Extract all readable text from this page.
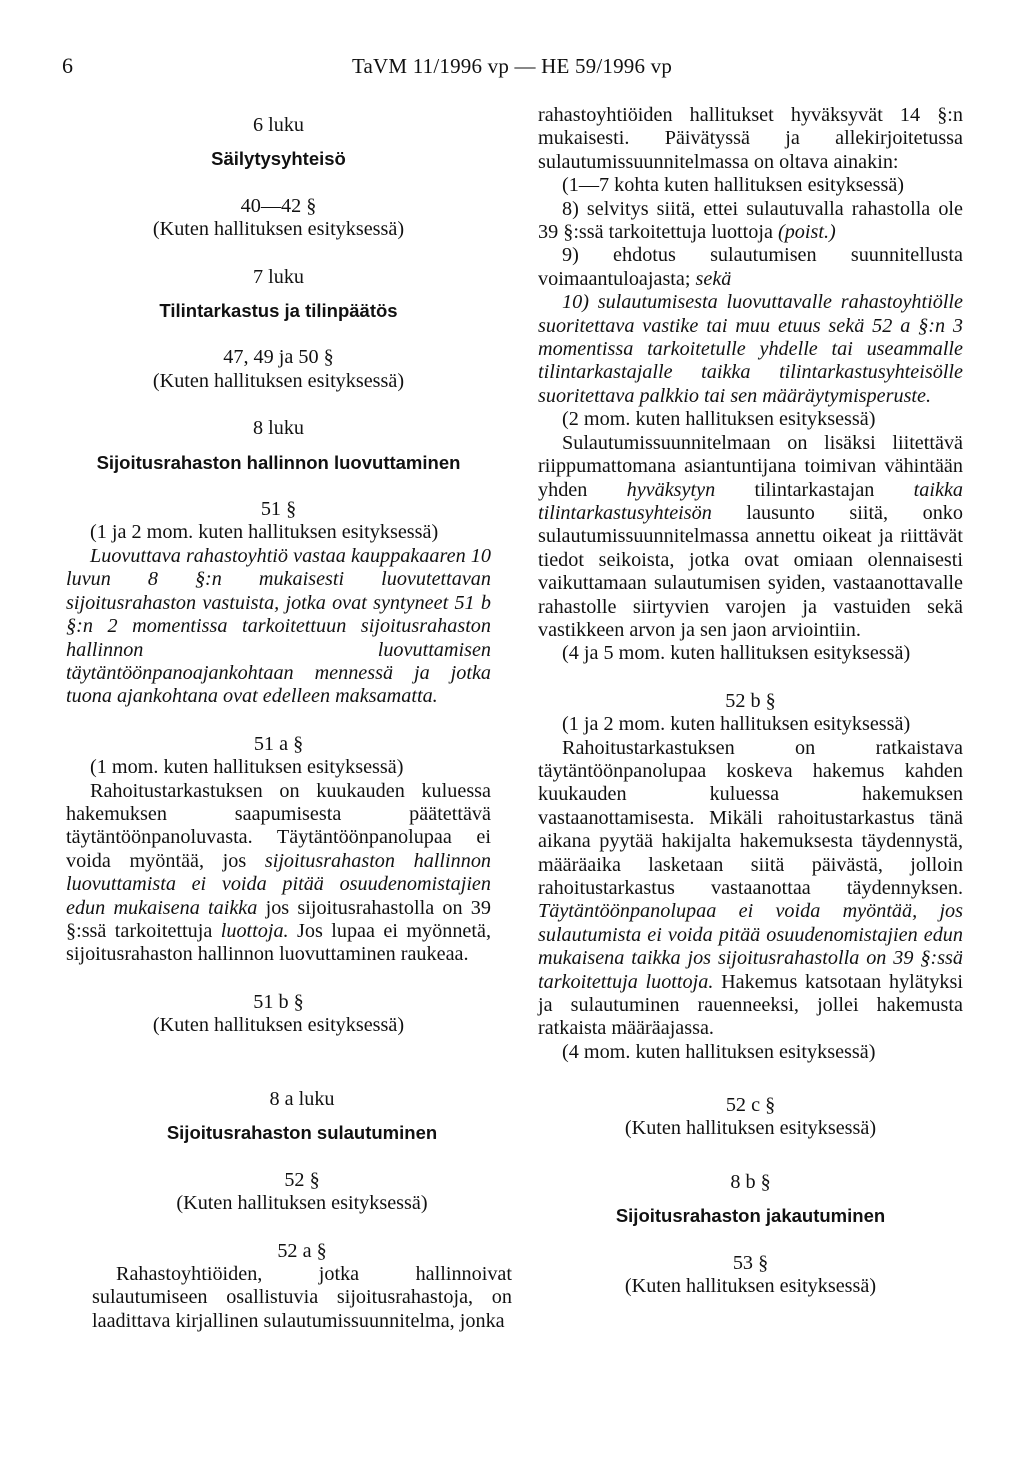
6	TaVM 11/1996 vp — HE 59/1996 vp
6 luku
Säilytysyhteisö
40—42 §
(Kuten hallituksen esityksessä)
7 luku
Tilintarkastus ja tilinpäätös
47, 49 ja 50 §
(Kuten hallituksen esityksessä)
8 luku
Sijoitusrahaston hallinnon luovuttaminen
51 §

(1 ja 2 mom. kuten hallituksen esityksessä)

Luovuttava rahastoyhtiö vastaa kauppakaaren 10 luvun 8 §:n mukaisesti luovutettavan sijoitusrahaston vastuista, jotka ovat syntyneet 51 b §:n 2 momentissa tarkoitettuun sijoitusrahaston hallinnon luovuttamisen täytäntöönpanoajankohtaan mennessä ja jotka tuona ajankohtana ovat edelleen maksamatta.

51 a §

(1 mom. kuten hallituksen esityksessä)

Rahoitustarkastuksen on kuukauden kuluessa hakemuksen saapumisesta päätettävä täytäntöönpanoluvasta. Täytäntöönpanolupaa ei voida myöntää, jos sijoitusrahaston hallinnon luovuttamista ei voida pitää osuudenomistajien edun mukaisena taikka jos sijoitusrahastolla on 39 §:ssä tarkoitettuja luottoja. Jos lupaa ei myönnetä, sijoitusrahaston hallinnon luovuttaminen raukeaa.

51 b §
(Kuten hallituksen esityksessä)

rahastoyhtiöiden hallitukset hyväksyvät 14 §:n mukaisesti. Päivätyssä ja allekirjoitetussa sulautumissuunnitelmassa on oltava ainakin:

(1—7 kohta kuten hallituksen esityksessä)

8) selvitys siitä, ettei sulautuvalla rahastolla ole 39 §:ssä tarkoitettuja luottoja (poist.)

9) ehdotus sulautumisen suunnitellusta voimaantuloajasta; sekä

10) sulautumisesta luovuttavalle rahastoyhtiölle suoritettava vastike tai muu etuus sekä 52 a §:n 3 momentissa tarkoitetulle yhdelle tai useammalle tilintarkastajalle taikka tilintarkastusyhteisölle suoritettava palkkio tai sen määräytymisperuste.

(2 mom. kuten hallituksen esityksessä)

Sulautumissuunnitelmaan on lisäksi liitettävä riippumattomana asiantuntijana toimivan vähintään yhden hyväksytyn tilintarkastajan taikka tilintarkastusyhteisön lausunto siitä, onko sulautumissuunnitelmassa annettu oikeat ja riittävät tiedot seikoista, jotka ovat omiaan olennaisesti vaikuttamaan sulautumisen syiden, vastaanottavalle rahastolle siirtyvien varojen ja vastuiden sekä vastikkeen arvon ja sen jaon arviointiin.

(4 ja 5 mom. kuten hallituksen esityksessä)

52 b §

(1 ja 2 mom. kuten hallituksen esityksessä)

Rahoitustarkastuksen on ratkaistava täytäntöönpanolupaa koskeva hakemus kahden kuukauden kuluessa hakemuksen vastaanottamisesta. Mikäli rahoitustarkastus tänä aikana pyytää hakijalta hakemuksesta täydennystä, määräaika lasketaan siitä päivästä, jolloin rahoitustarkastus vastaanottaa täydennyksen. Täytäntöönpanolupaa ei voida myöntää, jos sulautumista ei voida pitää osuudenomistajien edun mukaisena taikka jos sijoitusrahastolla on 39 §:ssä tarkoitettuja luottoja. Hakemus katsotaan hylätyksi ja sulautuminen rauenneeksi, jollei hakemusta ratkaista määräajassa.

(4 mom. kuten hallituksen esityksessä)

8 a luku
Sijoitusrahaston sulautuminen
52 §
(Kuten hallituksen esityksessä)
52 a §

Rahastoyhtiöiden, jotka hallinnoivat sulautumiseen osallistuvia sijoitusrahastoja, on laadittava kirjallinen sulautumissuunnitelma, jonka

52 c §
(Kuten hallituksen esityksessä)
8 b §
Sijoitusrahaston jakautuminen
53 §
(Kuten hallituksen esityksessä)
